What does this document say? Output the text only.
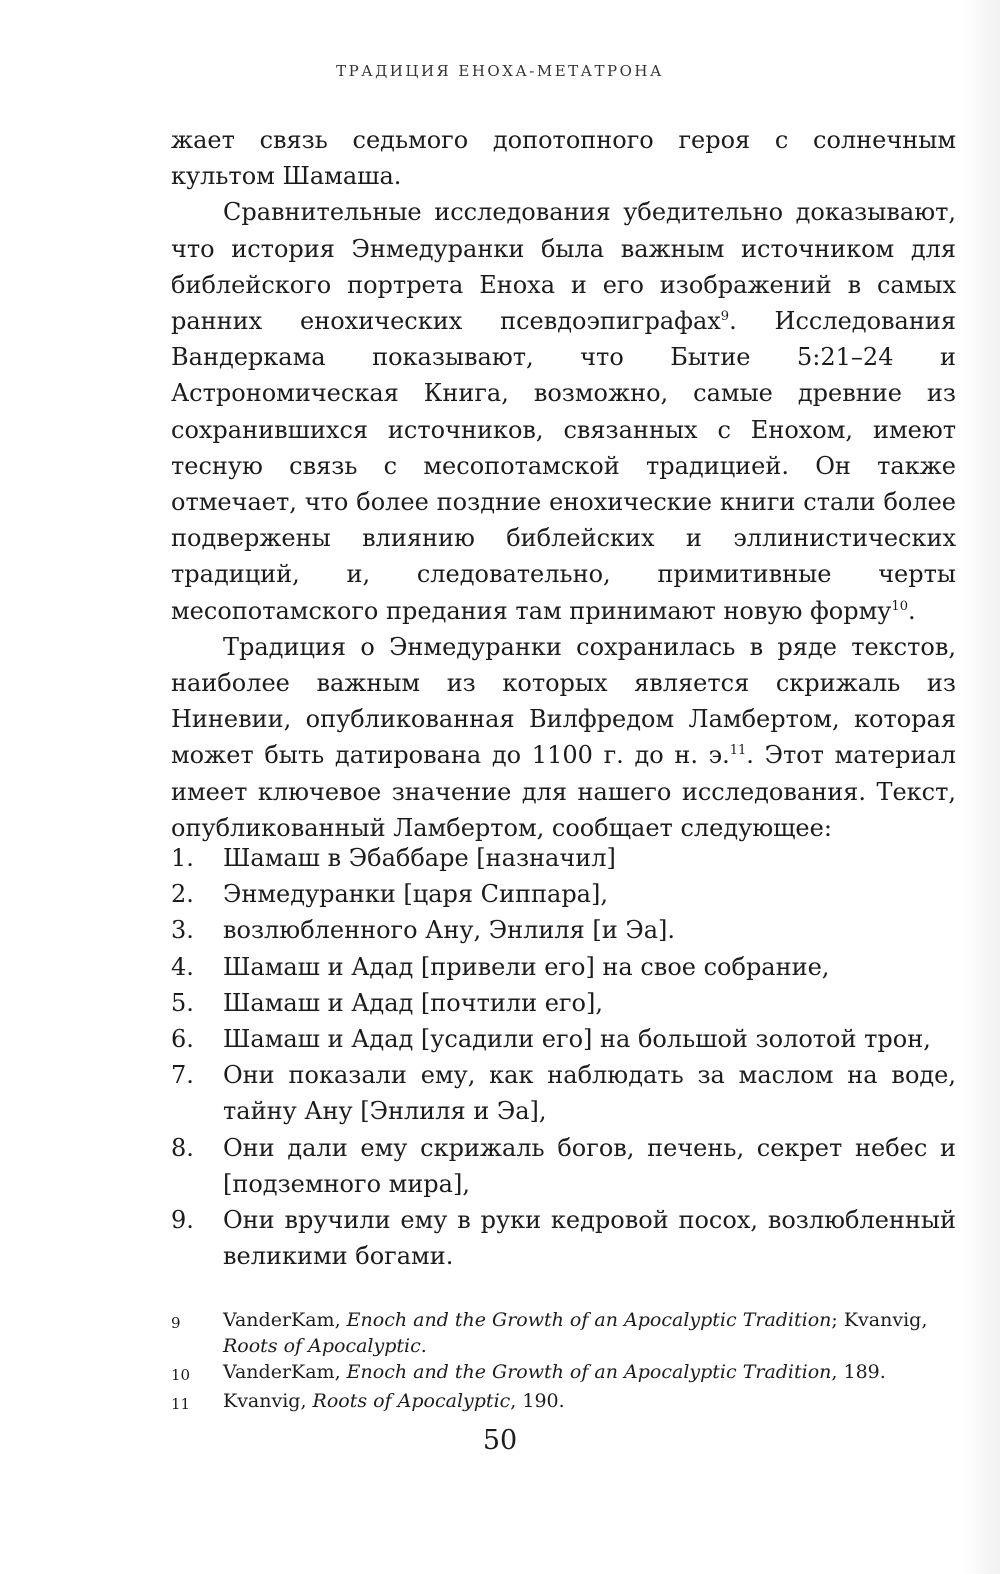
ТРАДИЦИЯ ЕНОХА-МЕТАТРОНА

жает связь седьмого допотопного героя с солнечным культом Шамаша.

Сравнительные исследования убедительно доказывают, что история Энмедуранки была важным источником для библейского портрета Еноха и его изображений в самых ранних енохических псевдоэпиграфах$^9$. Исследования Вандеркама показывают, что Бытие 5:21–24 и Астрономическая Книга, возможно, самые древние из сохранившихся источников, связанных с Енохом, имеют тесную связь с месопотамской традицией. Он также отмечает, что более поздние енохические книги стали более подвержены влиянию библейских и эллинистических традиций, и, следовательно, примитивные черты месопотамского предания там принимают новую форму$^{10}$.

Традиция о Энмедуранки сохранилась в ряде текстов, наиболее важным из которых является скрижаль из Ниневии, опубликованная Вилфредом Ламбертом, которая может быть датирована до 1100 г. до н. э.$^{11}$. Этот материал имеет ключевое значение для нашего исследования. Текст, опубликованный Ламбертом, сообщает следующее:

1.	Шамаш в Эбаббаре [назначил]
2.	Энмедуранки [царя Сиппара],
3.	возлюбленного Ану, Энлиля [и Эа].
4.	Шамаш и Адад [привели его] на свое собрание,
5.	Шамаш и Адад [почтили его],
6.	Шамаш и Адад [усадили его] на большой золотой трон,
7.	Они показали ему, как наблюдать за маслом на воде, тайну Ану [Энлиля и Эа],
8.	Они дали ему скрижаль богов, печень, секрет небес и [подземного мира],
9.	Они вручили ему в руки кедровой посох, возлюбленный великими богами.
9	VanderKam, Enoch and the Growth of an Apocalyptic Tradition; Kvanvig, Roots of Apocalyptic.
10	VanderKam, Enoch and the Growth of an Apocalyptic Tradition, 189.
11	Kvanvig, Roots of Apocalyptic, 190.
50
